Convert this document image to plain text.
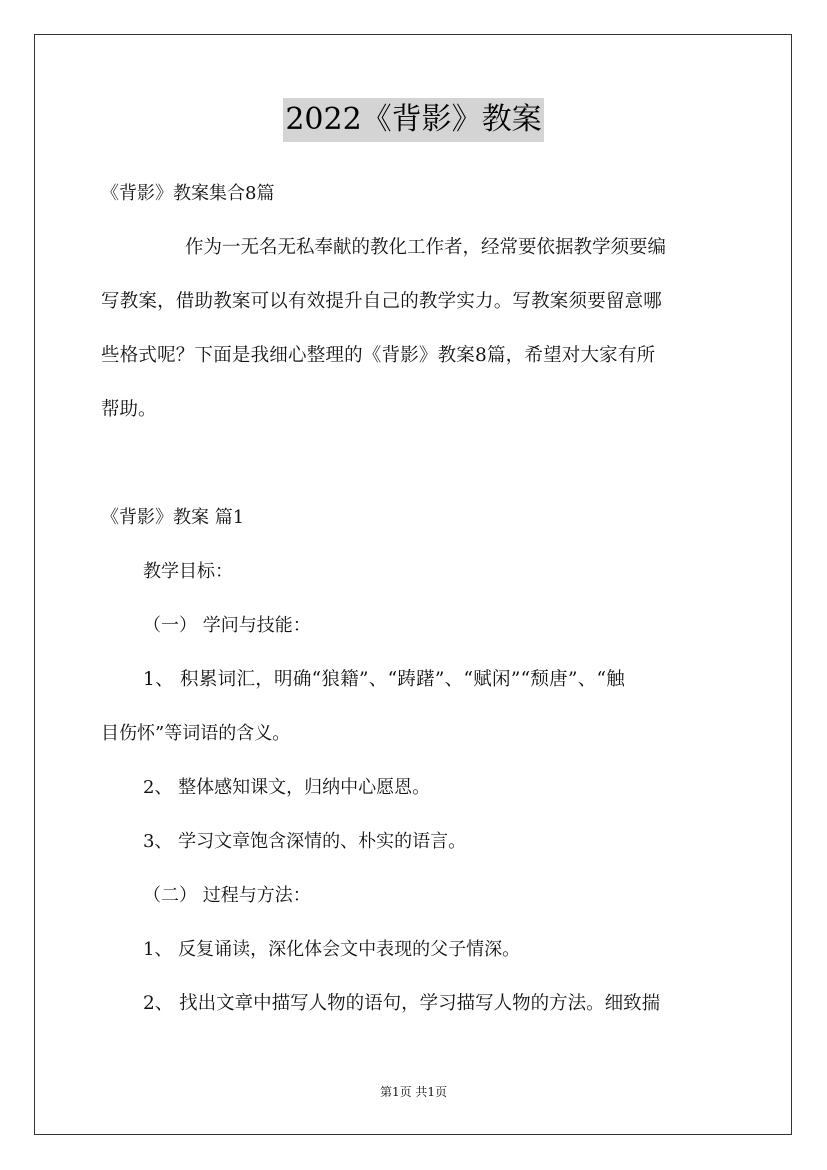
2022《背影》教案
《背影》教案集合8篇
作为一无名无私奉献的教化工作者，经常要依据教学须要编
写教案，借助教案可以有效提升自己的教学实力。写教案须要留意哪
些格式呢？下面是我细心整理的《背影》教案8篇，希望对大家有所
帮助。
《背影》教案 篇1
教学目标：
（一） 学问与技能：
1、 积累词汇，明确“狼籍”、“踌躇”、“赋闲”“颓唐”、“触
目伤怀”等词语的含义。
2、 整体感知课文，归纳中心愿恩。
3、 学习文章饱含深情的、朴实的语言。
（二） 过程与方法：
1、 反复诵读，深化体会文中表现的父子情深。
2、 找出文章中描写人物的语句，学习描写人物的方法。细致揣
第1页 共1页
